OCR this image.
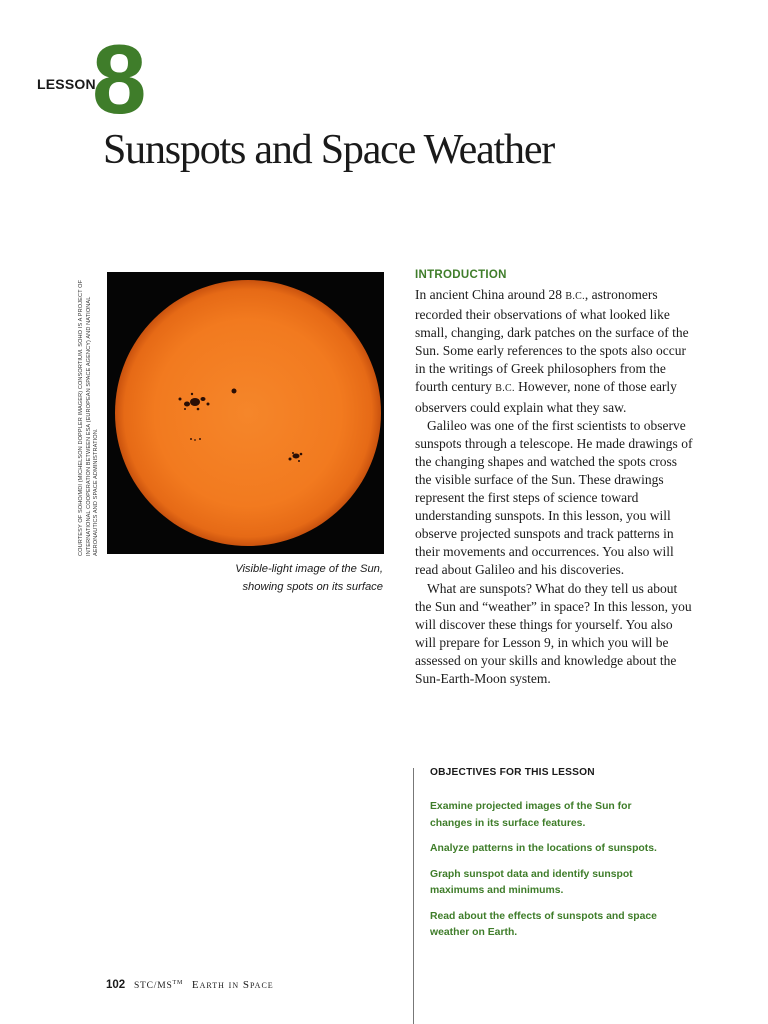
LESSON
8
Sunspots and Space Weather
COURTESY OF SOHO/MDI (MICHELSON DOPPLER IMAGER) CONSORTIUM. SOHO IS A PROJECT OF INTERNATIONAL COOPERATION BETWEEN ESA (EUROPEAN SPACE AGENCY) AND NATIONAL AERONAUTICS AND SPACE ADMINISTRATION.
Visible-light image of the Sun,
showing spots on its surface
INTRODUCTION

In ancient China around 28 B.C., astronomers recorded their observations of what looked like small, changing, dark patches on the surface of the Sun. Some early references to the spots also occur in the writings of Greek philosophers from the fourth century B.C. However, none of those early observers could explain what they saw.

Galileo was one of the first scientists to observe sunspots through a telescope. He made drawings of the changing shapes and watched the spots cross the visible surface of the Sun. These drawings represent the first steps of science toward understanding sunspots. In this lesson, you will observe projected sunspots and track patterns in their movements and occurrences. You also will read about Galileo and his discoveries.

What are sunspots? What do they tell us about the Sun and “weather” in space? In this lesson, you will discover these things for yourself. You also will prepare for Lesson 9, in which you will be assessed on your skills and knowledge about the Sun-Earth-Moon system.

OBJECTIVES FOR THIS LESSON
Examine projected images of the Sun for changes in its surface features.
Analyze patterns in the locations of sunspots.
Graph sunspot data and identify sunspot maximums and minimums.
Read about the effects of sunspots and space weather on Earth.
102 STC/MS™ Earth in Space
